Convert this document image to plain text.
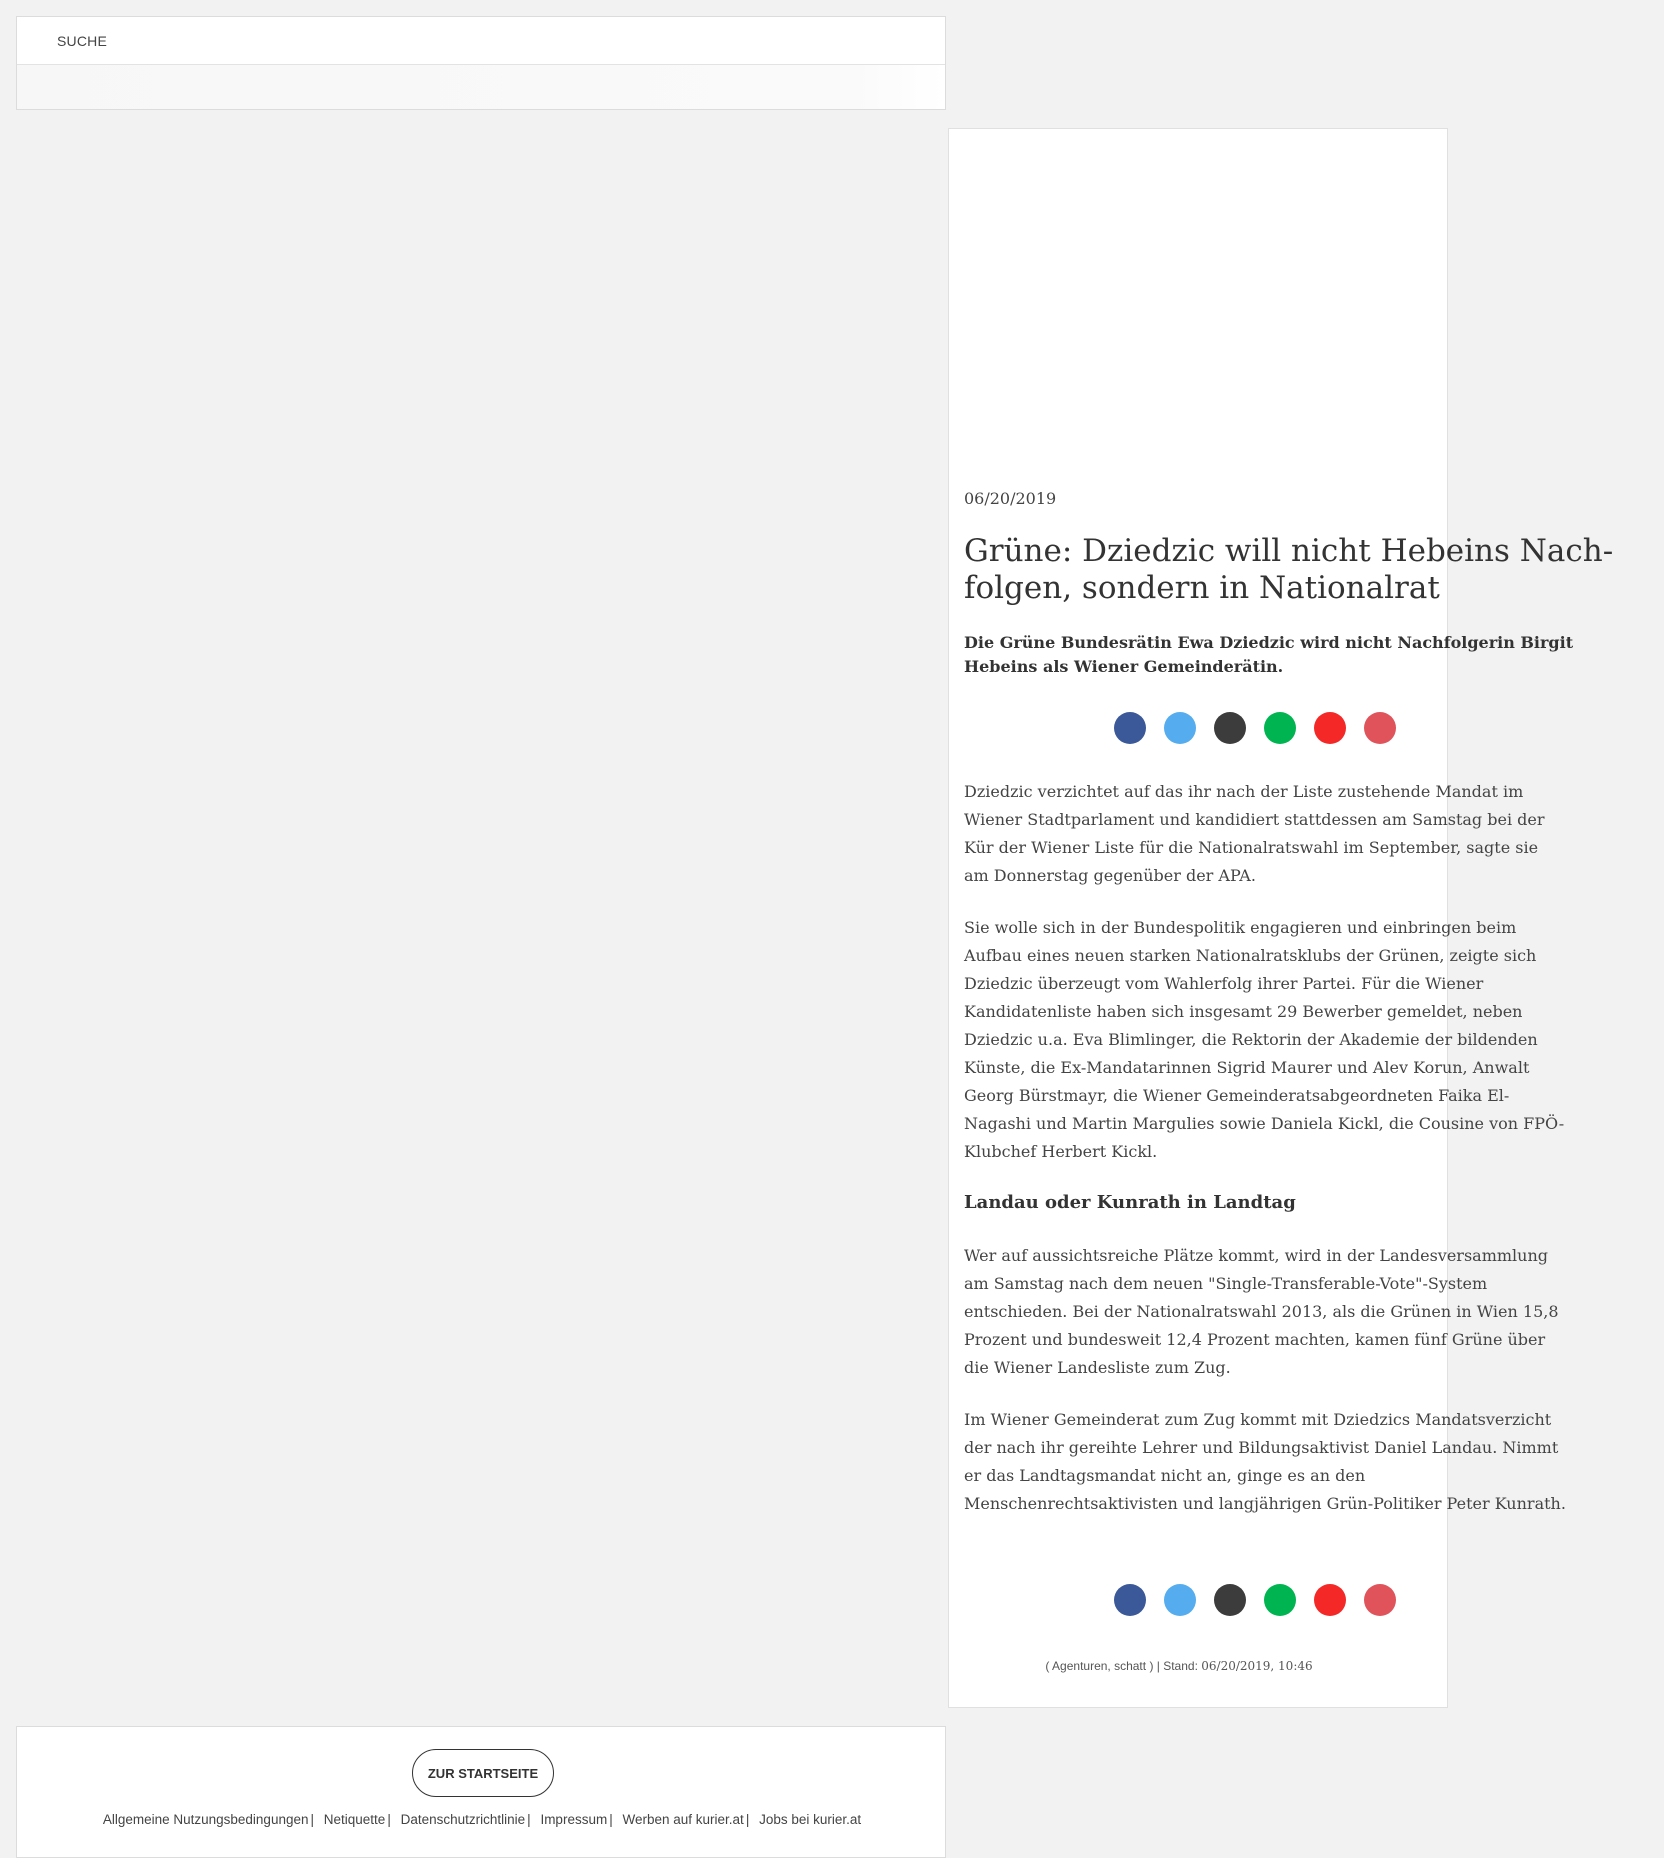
SUCHE
06/20/2019
Grüne: Dziedzic will nicht Hebeins Nach-
folgen, sondern in Nationalrat

Die Grüne Bundesrätin Ewa Dziedzic wird nicht Nachfolgerin Birgit
Hebeins als Wiener Gemeinderätin.

Dziedzic verzichtet auf das ihr nach der Liste zustehende Mandat im
Wiener Stadtparlament und kandidiert stattdessen am Samstag bei der
Kür der Wiener Liste für die Nationalratswahl im September, sagte sie
am Donnerstag gegenüber der APA.

Sie wolle sich in der Bundespolitik engagieren und einbringen beim
Aufbau eines neuen starken Nationalratsklubs der Grünen, zeigte sich
Dziedzic überzeugt vom Wahlerfolg ihrer Partei. Für die Wiener
Kandidatenliste haben sich insgesamt 29 Bewerber gemeldet, neben
Dziedzic u.a. Eva Blimlinger, die Rektorin der Akademie der bildenden
Künste, die Ex-Mandatarinnen Sigrid Maurer und Alev Korun, Anwalt
Georg Bürstmayr, die Wiener Gemeinderatsabgeordneten Faika El-
Nagashi und Martin Margulies sowie Daniela Kickl, die Cousine von FPÖ-
Klubchef Herbert Kickl.

Landau oder Kunrath in Landtag

Wer auf aussichtsreiche Plätze kommt, wird in der Landesversammlung
am Samstag nach dem neuen "Single-Transferable-Vote"-System
entschieden. Bei der Nationalratswahl 2013, als die Grünen in Wien 15,8
Prozent und bundesweit 12,4 Prozent machten, kamen fünf Grüne über
die Wiener Landesliste zum Zug.

Im Wiener Gemeinderat zum Zug kommt mit Dziedzics Mandatsverzicht
der nach ihr gereihte Lehrer und Bildungsaktivist Daniel Landau. Nimmt
er das Landtagsmandat nicht an, ginge es an den
Menschenrechtsaktivisten und langjährigen Grün-Politiker Peter Kunrath.

( Agenturen, schatt ) | Stand: 06/20/2019, 10:46
ZUR STARTSEITE
Allgemeine Nutzungsbedingungen | Netiquette | Datenschutzrichtlinie | Impressum | Werben auf kurier.at | Jobs bei kurier.at
